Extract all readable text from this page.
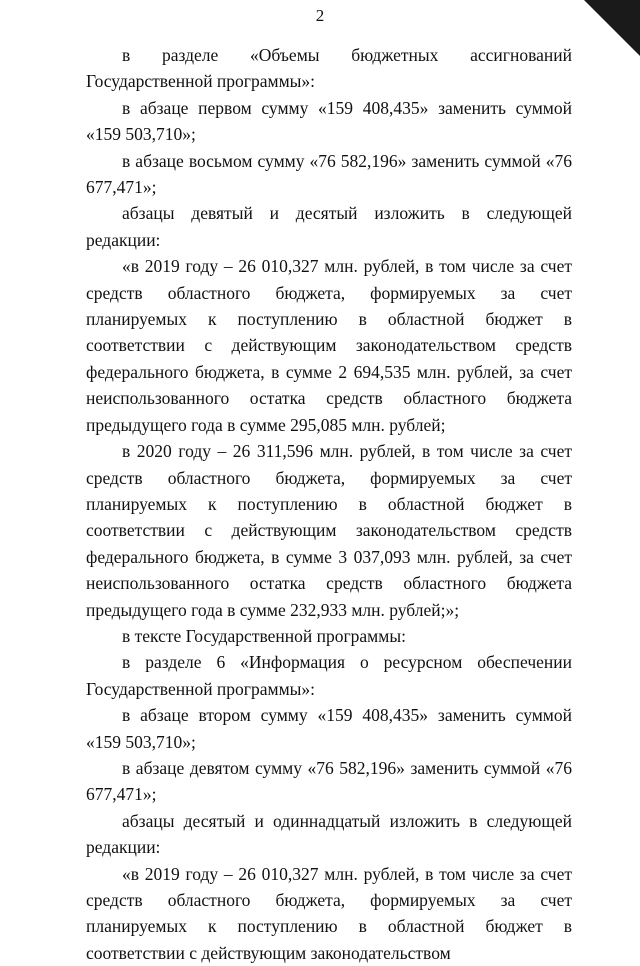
2

в разделе «Объемы бюджетных ассигнований Государственной программы»:

в абзаце первом сумму «159 408,435» заменить суммой «159 503,710»;

в абзаце восьмом сумму «76 582,196» заменить суммой «76 677,471»;

абзацы девятый и десятый изложить в следующей редакции:

«в 2019 году – 26 010,327 млн. рублей, в том числе за счет средств областного бюджета, формируемых за счет планируемых к поступлению в областной бюджет в соответствии с действующим законодательством средств федерального бюджета, в сумме 2 694,535 млн. рублей, за счет неиспользованного остатка средств областного бюджета предыдущего года в сумме 295,085 млн. рублей;

в 2020 году – 26 311,596 млн. рублей, в том числе за счет средств областного бюджета, формируемых за счет планируемых к поступлению в областной бюджет в соответствии с действующим законодательством средств федерального бюджета, в сумме 3 037,093 млн. рублей, за счет неиспользованного остатка средств областного бюджета предыдущего года в сумме 232,933 млн. рублей;»;

в тексте Государственной программы:

в разделе 6 «Информация о ресурсном обеспечении Государственной программы»:

в абзаце втором сумму «159 408,435» заменить суммой «159 503,710»;

в абзаце девятом сумму «76 582,196» заменить суммой «76 677,471»;

абзацы десятый и одиннадцатый изложить в следующей редакции:

«в 2019 году – 26 010,327 млн. рублей, в том числе за счет средств областного бюджета, формируемых за счет планируемых к поступлению в областной бюджет в соответствии с действующим законодательством
